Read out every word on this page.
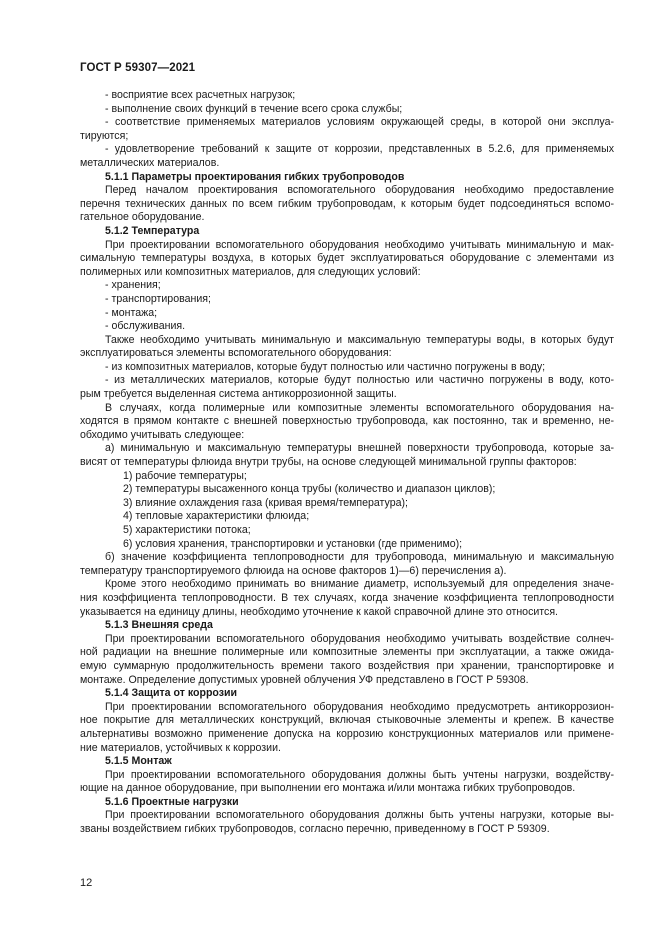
ГОСТ Р 59307—2021
- восприятие всех расчетных нагрузок;
- выполнение своих функций в течение всего срока службы;
- соответствие применяемых материалов условиям окружающей среды, в которой они эксплуа-
тируются;
- удовлетворение требований к защите от коррозии, представленных в 5.2.6, для применяемых
металлических материалов.
5.1.1 Параметры проектирования гибких трубопроводов
Перед началом проектирования вспомогательного оборудования необходимо предоставление
перечня технических данных по всем гибким трубопроводам, к которым будет подсоединяться вспомо-
гательное оборудование.
5.1.2 Температура
При проектировании вспомогательного оборудования необходимо учитывать минимальную и мак-
симальную температуры воздуха, в которых будет эксплуатироваться оборудование с элементами из
полимерных или композитных материалов, для следующих условий:
- хранения;
- транспортирования;
- монтажа;
- обслуживания.
Также необходимо учитывать минимальную и максимальную температуры воды, в которых будут
эксплуатироваться элементы вспомогательного оборудования:
- из композитных материалов, которые будут полностью или частично погружены в воду;
- из металлических материалов, которые будут полностью или частично погружены в воду, кото-
рым требуется выделенная система антикоррозионной защиты.
В случаях, когда полимерные или композитные элементы вспомогательного оборудования на-
ходятся в прямом контакте с внешней поверхностью трубопровода, как постоянно, так и временно, не-
обходимо учитывать следующее:
а) минимальную и максимальную температуры внешней поверхности трубопровода, которые за-
висят от температуры флюида внутри трубы, на основе следующей минимальной группы факторов:
1) рабочие температуры;
2) температуры высаженного конца трубы (количество и диапазон циклов);
3) влияние охлаждения газа (кривая время/температура);
4) тепловые характеристики флюида;
5) характеристики потока;
6) условия хранения, транспортировки и установки (где применимо);
б) значение коэффициента теплопроводности для трубопровода, минимальную и максимальную
температуру транспортируемого флюида на основе факторов 1)—6) перечисления а).
Кроме этого необходимо принимать во внимание диаметр, используемый для определения значе-
ния коэффициента теплопроводности. В тех случаях, когда значение коэффициента теплопроводности
указывается на единицу длины, необходимо уточнение к какой справочной длине это относится.
5.1.3 Внешняя среда
При проектировании вспомогательного оборудования необходимо учитывать воздействие солнеч-
ной радиации на внешние полимерные или композитные элементы при эксплуатации, а также ожида-
емую суммарную продолжительность времени такого воздействия при хранении, транспортировке и
монтаже. Определение допустимых уровней облучения УФ представлено в ГОСТ Р 59308.
5.1.4 Защита от коррозии
При проектировании вспомогательного оборудования необходимо предусмотреть антикоррозион-
ное покрытие для металлических конструкций, включая стыковочные элементы и крепеж. В качестве
альтернативы возможно применение допуска на коррозию конструкционных материалов или примене-
ние материалов, устойчивых к коррозии.
5.1.5 Монтаж
При проектировании вспомогательного оборудования должны быть учтены нагрузки, воздейству-
ющие на данное оборудование, при выполнении его монтажа и/или монтажа гибких трубопроводов.
5.1.6 Проектные нагрузки
При проектировании вспомогательного оборудования должны быть учтены нагрузки, которые вы-
званы воздействием гибких трубопроводов, согласно перечню, приведенному в ГОСТ Р 59309.
12
